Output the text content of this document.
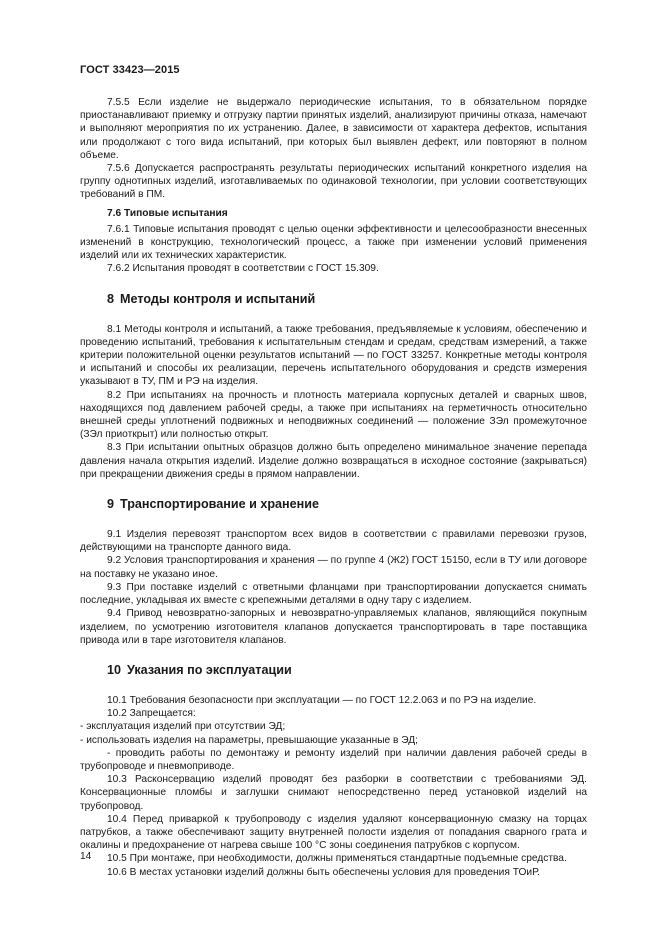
ГОСТ 33423—2015

7.5.5 Если изделие не выдержало периодические испытания, то в обязательном порядке приостанавливают приемку и отгрузку партии принятых изделий, анализируют причины отказа, намечают и выполняют мероприятия по их устранению. Далее, в зависимости от характера дефектов, испытания или продолжают с того вида испытаний, при которых был выявлен дефект, или повторяют в полном объеме.

7.5.6 Допускается распространять результаты периодических испытаний конкретного изделия на группу однотипных изделий, изготавливаемых по одинаковой технологии, при условии соответствующих требований в ПМ.

7.6 Типовые испытания

7.6.1 Типовые испытания проводят с целью оценки эффективности и целесообразности внесенных изменений в конструкцию, технологический процесс, а также при изменении условий применения изделий или их технических характеристик.

7.6.2 Испытания проводят в соответствии с ГОСТ 15.309.

8 Методы контроля и испытаний

8.1 Методы контроля и испытаний, а также требования, предъявляемые к условиям, обеспечению и проведению испытаний, требования к испытательным стендам и средам, средствам измерений, а также критерии положительной оценки результатов испытаний — по ГОСТ 33257. Конкретные методы контроля и испытаний и способы их реализации, перечень испытательного оборудования и средств измерения указывают в ТУ, ПМ и РЭ на изделия.

8.2 При испытаниях на прочность и плотность материала корпусных деталей и сварных швов, находящихся под давлением рабочей среды, а также при испытаниях на герметичность относительно внешней среды уплотнений подвижных и неподвижных соединений — положение ЗЭл промежуточное (ЗЭл приоткрыт) или полностью открыт.

8.3 При испытании опытных образцов должно быть определено минимальное значение перепада давления начала открытия изделий. Изделие должно возвращаться в исходное состояние (закрываться) при прекращении движения среды в прямом направлении.

9 Транспортирование и хранение

9.1 Изделия перевозят транспортом всех видов в соответствии с правилами перевозки грузов, действующими на транспорте данного вида.

9.2 Условия транспортирования и хранения — по группе 4 (Ж2) ГОСТ 15150, если в ТУ или договоре на поставку не указано иное.

9.3 При поставке изделий с ответными фланцами при транспортировании допускается снимать последние, укладывая их вместе с крепежными деталями в одну тару с изделием.

9.4 Привод невозвратно-запорных и невозвратно-управляемых клапанов, являющийся покупным изделием, по усмотрению изготовителя клапанов допускается транспортировать в таре поставщика привода или в таре изготовителя клапанов.

10 Указания по эксплуатации

10.1 Требования безопасности при эксплуатации — по ГОСТ 12.2.063 и по РЭ на изделие.

10.2 Запрещается:

- эксплуатация изделий при отсутствии ЭД;

- использовать изделия на параметры, превышающие указанные в ЭД;

- проводить работы по демонтажу и ремонту изделий при наличии давления рабочей среды в трубопроводе и пневмоприводе.

10.3 Расконсервацию изделий проводят без разборки в соответствии с требованиями ЭД. Консервационные пломбы и заглушки снимают непосредственно перед установкой изделий на трубопровод.

10.4 Перед приваркой к трубопроводу с изделия удаляют консервационную смазку на торцах патрубков, а также обеспечивают защиту внутренней полости изделия от попадания сварного грата и окалины и предохранение от нагрева свыше 100 °С зоны соединения патрубков с корпусом.

10.5 При монтаже, при необходимости, должны применяться стандартные подъемные средства.

10.6 В местах установки изделий должны быть обеспечены условия для проведения ТОиР.

14
